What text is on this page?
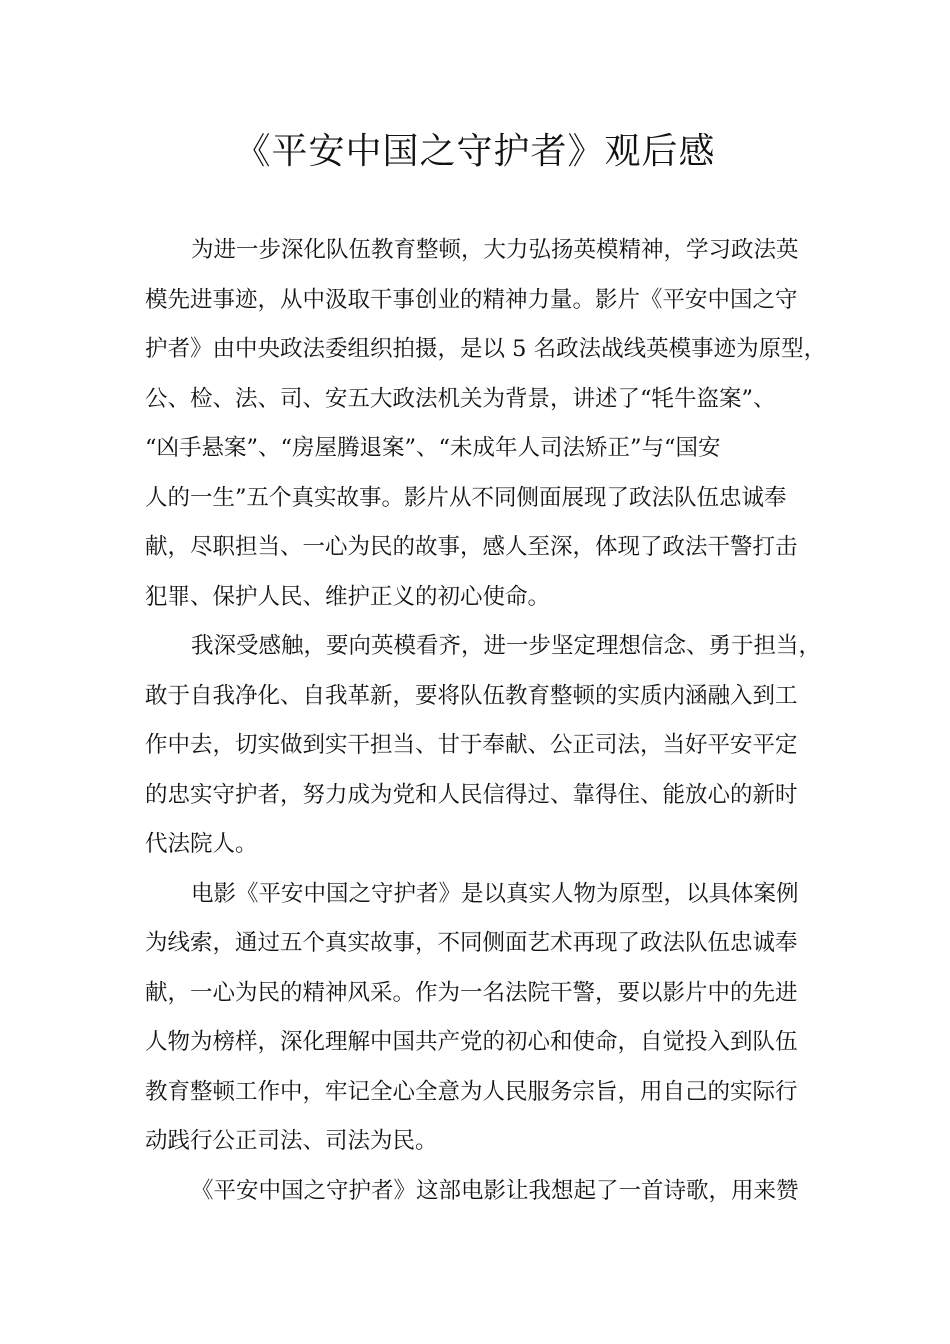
《平安中国之守护者》观后感
为进一步深化队伍教育整顿，大力弘扬英模精神，学习政法英
模先进事迹，从中汲取干事创业的精神力量。影片《平安中国之守
护者》由中央政法委组织拍摄，是以 5 名政法战线英模事迹为原型，
公、检、法、司、安五大政法机关为背景，讲述了“牦牛盗案”、
“凶手悬案”、“房屋腾退案”、“未成年人司法矫正”与“国安
人的一生”五个真实故事。影片从不同侧面展现了政法队伍忠诚奉
献，尽职担当、一心为民的故事，感人至深，体现了政法干警打击
犯罪、保护人民、维护正义的初心使命。
我深受感触，要向英模看齐，进一步坚定理想信念、勇于担当，
敢于自我净化、自我革新，要将队伍教育整顿的实质内涵融入到工
作中去，切实做到实干担当、甘于奉献、公正司法，当好平安平定
的忠实守护者，努力成为党和人民信得过、靠得住、能放心的新时
代法院人。
电影《平安中国之守护者》是以真实人物为原型，以具体案例
为线索，通过五个真实故事，不同侧面艺术再现了政法队伍忠诚奉
献，一心为民的精神风采。作为一名法院干警，要以影片中的先进
人物为榜样，深化理解中国共产党的初心和使命，自觉投入到队伍
教育整顿工作中，牢记全心全意为人民服务宗旨，用自己的实际行
动践行公正司法、司法为民。
《平安中国之守护者》这部电影让我想起了一首诗歌，用来赞
